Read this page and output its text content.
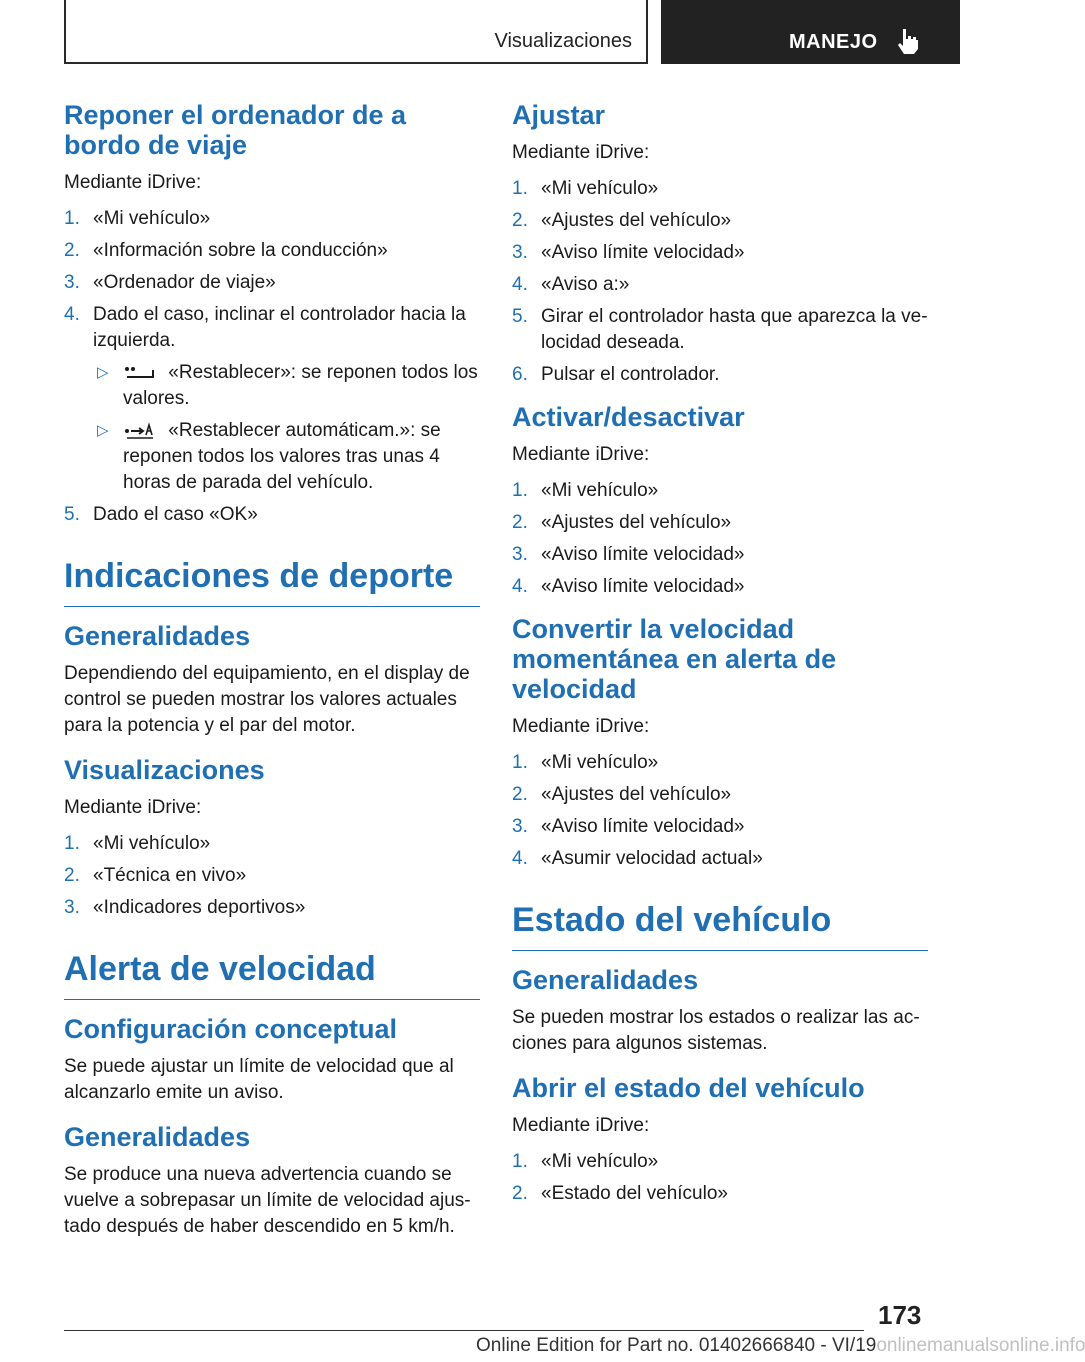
Visualizaciones	MANEJO
Reponer el ordenador de a bordo de viaje

Mediante iDrive:

1. «Mi vehículo»
2. «Información sobre la conducción»
3. «Ordenador de viaje»
4. Dado el caso, inclinar el controlador hacia la izquierda.
▷	«Restablecer»: se reponen todos los valores.
▷	«Restablecer automáticam.»: se reponen todos los valores tras unas 4 horas de parada del vehículo.
5. Dado el caso «OK»
Indicaciones de deporte
Generalidades

Dependiendo del equipamiento, en el display de control se pueden mostrar los valores actuales para la potencia y el par del motor.

Visualizaciones

Mediante iDrive:

1. «Mi vehículo»
2. «Técnica en vivo»
3. «Indicadores deportivos»
Alerta de velocidad
Configuración conceptual

Se puede ajustar un límite de velocidad que al alcanzarlo emite un aviso.

Generalidades

Se produce una nueva advertencia cuando se vuelve a sobrepasar un límite de velocidad ajustado después de haber descendido en 5 km/h.

Ajustar

Mediante iDrive:

1. «Mi vehículo»
2. «Ajustes del vehículo»
3. «Aviso límite velocidad»
4. «Aviso a:»
5. Girar el controlador hasta que aparezca la velocidad deseada.
6. Pulsar el controlador.
Activar/desactivar

Mediante iDrive:

1. «Mi vehículo»
2. «Ajustes del vehículo»
3. «Aviso límite velocidad»
4. «Aviso límite velocidad»
Convertir la velocidad momentánea en alerta de velocidad

Mediante iDrive:

1. «Mi vehículo»
2. «Ajustes del vehículo»
3. «Aviso límite velocidad»
4. «Asumir velocidad actual»
Estado del vehículo
Generalidades

Se pueden mostrar los estados o realizar las acciones para algunos sistemas.

Abrir el estado del vehículo

Mediante iDrive:

1. «Mi vehículo»
2. «Estado del vehículo»
173
Online Edition for Part no. 01402666840 - VI/19onlinemanualsonline.info
